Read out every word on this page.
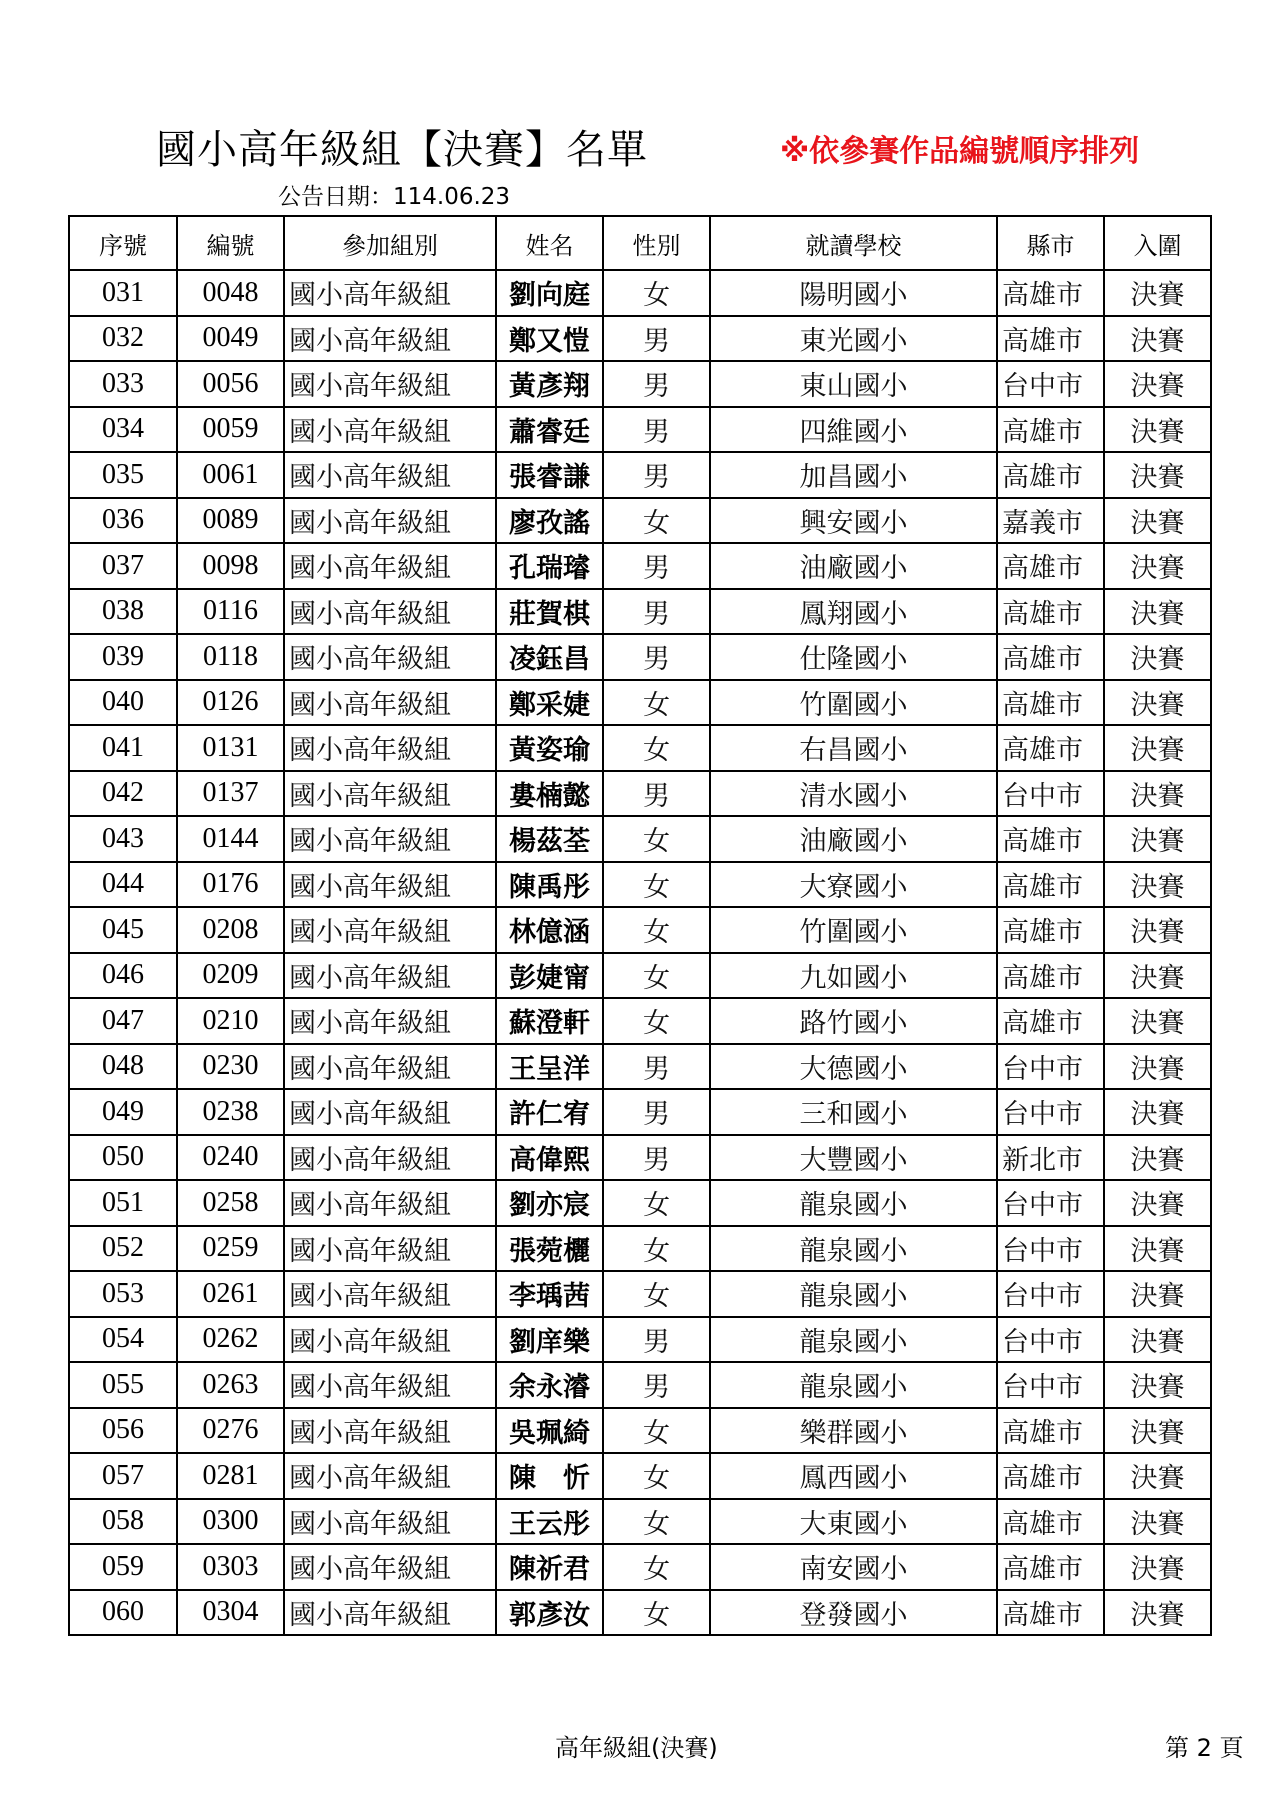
國小高年級組【決賽】名單	※依參賽作品編號順序排列
公告日期：114.06.23
序號	編號	參加組別	姓名	性別	就讀學校	縣市	入圍
031	0048	國小高年級組	劉向庭	女	陽明國小	高雄市	決賽
032	0049	國小高年級組	鄭又愷	男	東光國小	高雄市	決賽
033	0056	國小高年級組	黃彥翔	男	東山國小	台中市	決賽
034	0059	國小高年級組	蕭睿廷	男	四維國小	高雄市	決賽
035	0061	國小高年級組	張睿謙	男	加昌國小	高雄市	決賽
036	0089	國小高年級組	廖孜謠	女	興安國小	嘉義市	決賽
037	0098	國小高年級組	孔瑞璿	男	油廠國小	高雄市	決賽
038	0116	國小高年級組	莊賀棋	男	鳳翔國小	高雄市	決賽
039	0118	國小高年級組	凌鈺昌	男	仕隆國小	高雄市	決賽
040	0126	國小高年級組	鄭采婕	女	竹圍國小	高雄市	決賽
041	0131	國小高年級組	黃姿瑜	女	右昌國小	高雄市	決賽
042	0137	國小高年級組	婁楠懿	男	清水國小	台中市	決賽
043	0144	國小高年級組	楊茲荃	女	油廠國小	高雄市	決賽
044	0176	國小高年級組	陳禹彤	女	大寮國小	高雄市	決賽
045	0208	國小高年級組	林億涵	女	竹圍國小	高雄市	決賽
046	0209	國小高年級組	彭婕甯	女	九如國小	高雄市	決賽
047	0210	國小高年級組	蘇澄軒	女	路竹國小	高雄市	決賽
048	0230	國小高年級組	王呈洋	男	大德國小	台中市	決賽
049	0238	國小高年級組	許仁宥	男	三和國小	台中市	決賽
050	0240	國小高年級組	高偉熙	男	大豐國小	新北市	決賽
051	0258	國小高年級組	劉亦宸	女	龍泉國小	台中市	決賽
052	0259	國小高年級組	張菀欐	女	龍泉國小	台中市	決賽
053	0261	國小高年級組	李瑀茜	女	龍泉國小	台中市	決賽
054	0262	國小高年級組	劉庠樂	男	龍泉國小	台中市	決賽
055	0263	國小高年級組	余永濬	男	龍泉國小	台中市	決賽
056	0276	國小高年級組	吳珮綺	女	樂群國小	高雄市	決賽
057	0281	國小高年級組	陳　忻	女	鳳西國小	高雄市	決賽
058	0300	國小高年級組	王云彤	女	大東國小	高雄市	決賽
059	0303	國小高年級組	陳祈君	女	南安國小	高雄市	決賽
060	0304	國小高年級組	郭彥汝	女	登發國小	高雄市	決賽
高年級組(決賽)	第 2 頁
